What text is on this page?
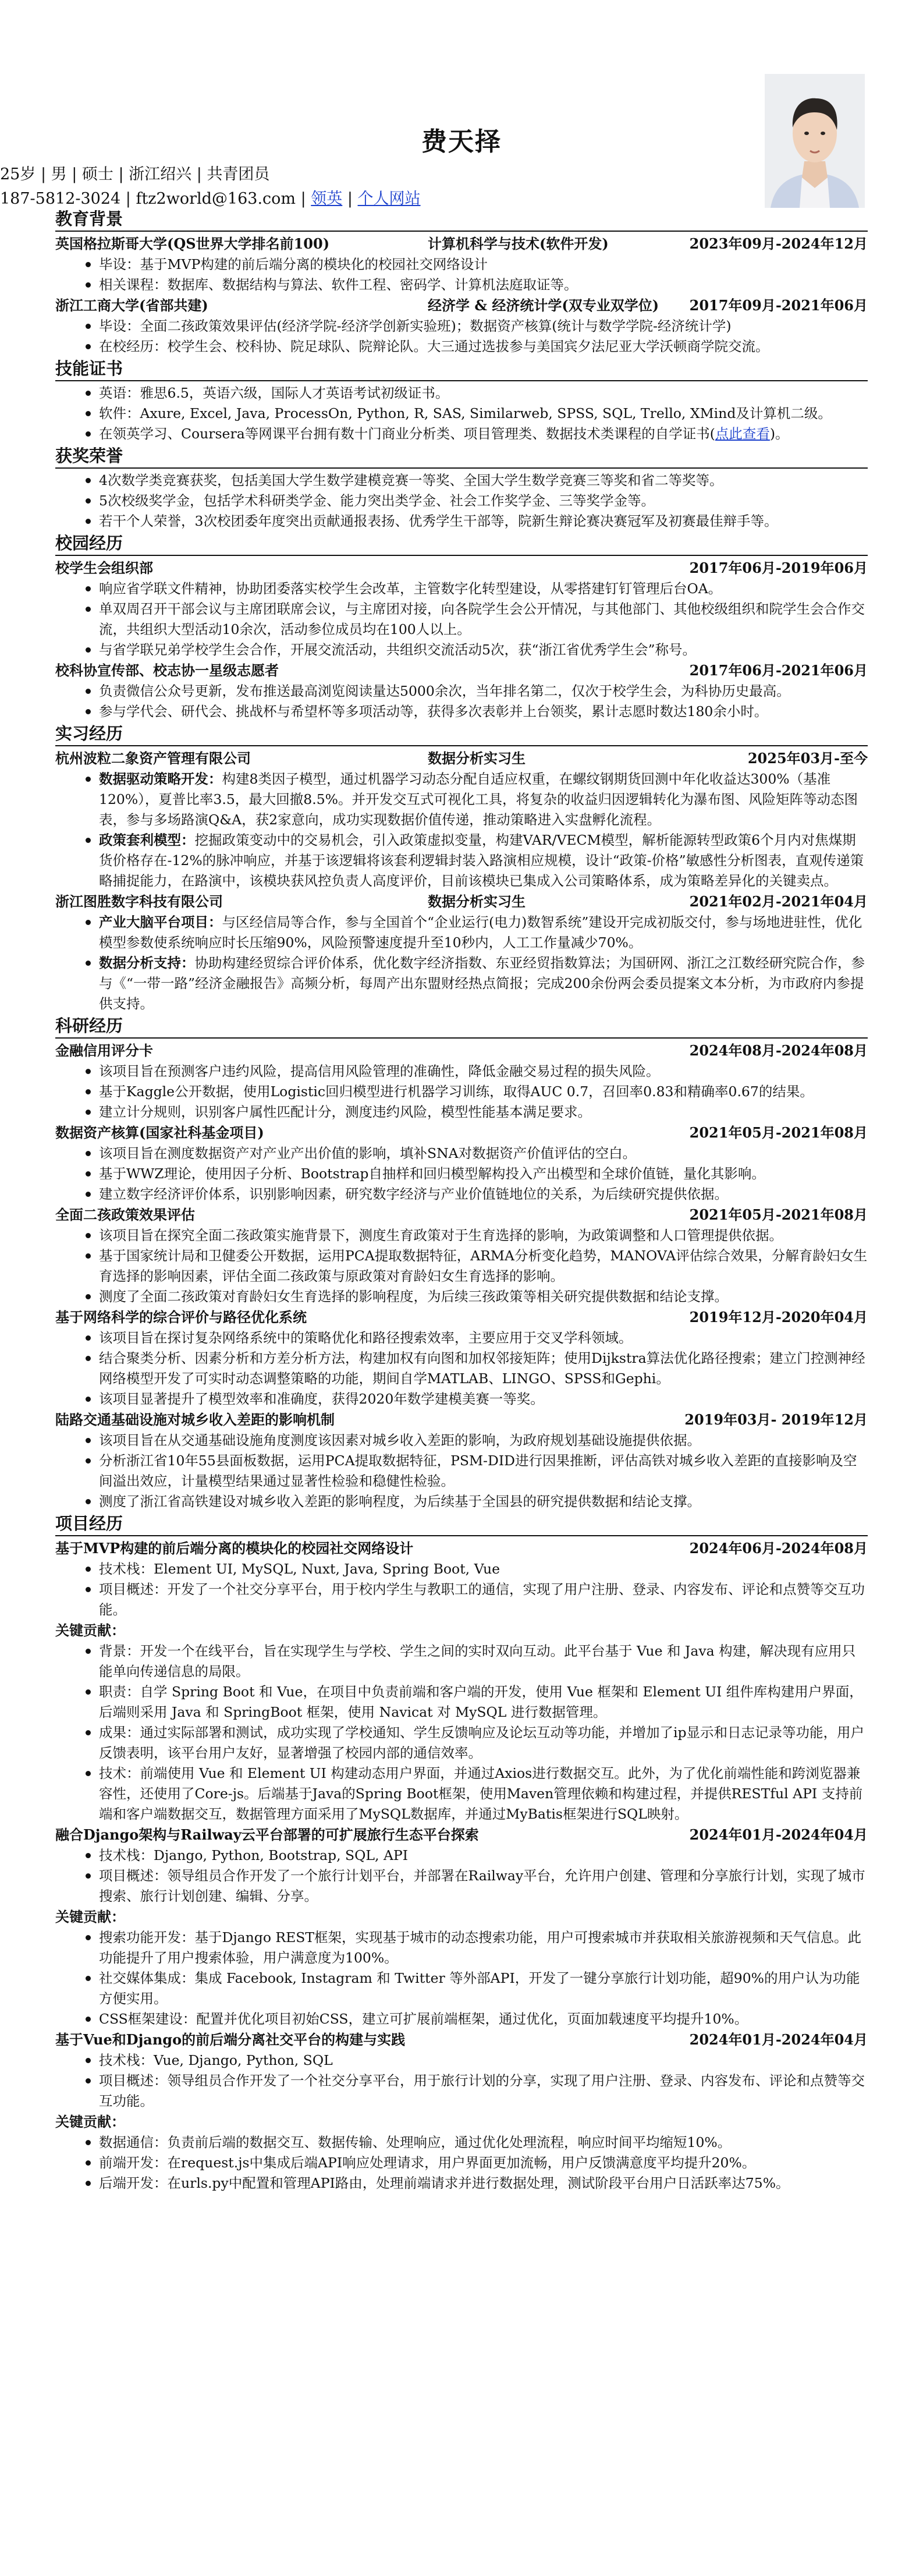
费天择
25岁 | 男 | 硕士 | 浙江绍兴 | 共青团员
187-5812-3024 | ftz2world@163.com | 领英 | 个人网站
教育背景
英国格拉斯哥大学(QS世界大学排名前100)	计算机科学与技术(软件开发)	2023年09月-2024年12月
毕设：基于MVP构建的前后端分离的模块化的校园社交网络设计
相关课程：数据库、数据结构与算法、软件工程、密码学、计算机法庭取证等。
浙江工商大学(省部共建)	经济学 & 经济统计学(双专业双学位) 2017年09月-2021年06月
毕设：全面二孩政策效果评估(经济学院-经济学创新实验班)；数据资产核算(统计与数学学院-经济统计学)
在校经历：校学生会、校科协、院足球队、院辩论队。大三通过选拔参与美国宾夕法尼亚大学沃顿商学院交流。
技能证书
英语：雅思6.5，英语六级，国际人才英语考试初级证书。
软件：Axure, Excel, Java, ProcessOn, Python, R, SAS, Similarweb, SPSS, SQL, Trello, XMind及计算机二级。
在领英学习、Coursera等网课平台拥有数十门商业分析类、项目管理类、数据技术类课程的自学证书(点此查看)。
获奖荣誉
4次数学类竞赛获奖，包括美国大学生数学建模竞赛一等奖、全国大学生数学竞赛三等奖和省二等奖等。
5次校级奖学金，包括学术科研类学金、能力突出类学金、社会工作奖学金、三等奖学金等。
若干个人荣誉，3次校团委年度突出贡献通报表扬、优秀学生干部等，院新生辩论赛决赛冠军及初赛最佳辩手等。
校园经历
校学生会组织部	2017年06月-2019年06月
响应省学联文件精神，协助团委落实校学生会改革，主管数字化转型建设，从零搭建钉钉管理后台OA。
单双周召开干部会议与主席团联席会议，与主席团对接，向各院学生会公开情况，与其他部门、其他校级组织和院学生会合作交流，共组织大型活动10余次，活动参位成员均在100人以上。
与省学联兄弟学校学生会合作，开展交流活动，共组织交流活动5次，获“浙江省优秀学生会”称号。
校科协宣传部、校志协一星级志愿者	2017年06月-2021年06月
负责微信公众号更新，发布推送最高浏览阅读量达5000余次，当年排名第二，仅次于校学生会，为科协历史最高。
参与学代会、研代会、挑战杯与希望杯等多项活动等，获得多次表彰并上台领奖，累计志愿时数达180余小时。
实习经历
杭州波粒二象资产管理有限公司	数据分析实习生	2025年03月-至今
数据驱动策略开发：构建8类因子模型，通过机器学习动态分配自适应权重，在螺纹钢期货回测中年化收益达300%（基准120%），夏普比率3.5，最大回撤8.5%。并开发交互式可视化工具，将复杂的收益归因逻辑转化为瀑布图、风险矩阵等动态图表，参与多场路演Q&A，获2家意向，成功实现数据价值传递，推动策略进入实盘孵化流程。
政策套利模型：挖掘政策变动中的交易机会，引入政策虚拟变量，构建VAR/VECM模型，解析能源转型政策6个月内对焦煤期货价格存在-12%的脉冲响应，并基于该逻辑将该套利逻辑封装入路演相应规模，设计“政策-价格”敏感性分析图表，直观传递策略捕捉能力，在路演中，该模块获风控负责人高度评价，目前该模块已集成入公司策略体系，成为策略差异化的关键卖点。
浙江图胜数字科技有限公司	数据分析实习生	2021年02月-2021年04月
产业大脑平台项目：与区经信局等合作，参与全国首个“企业运行(电力)数智系统”建设开完成初版交付，参与场地进驻性，优化模型参数使系统响应时长压缩90%，风险预警速度提升至10秒内，人工工作量减少70%。
数据分析支持：协助构建经贸综合评价体系，优化数字经济指数、东亚经贸指数算法；为国研网、浙江之江数经研究院合作，参与《“一带一路”经济金融报告》高频分析，每周产出东盟财经热点简报；完成200余份两会委员提案文本分析，为市政府内参提供支持。
科研经历
金融信用评分卡	2024年08月-2024年08月
该项目旨在预测客户违约风险，提高信用风险管理的准确性，降低金融交易过程的损失风险。
基于Kaggle公开数据，使用Logistic回归模型进行机器学习训练，取得AUC 0.7，召回率0.83和精确率0.67的结果。
建立计分规则，识别客户属性匹配计分，测度违约风险，模型性能基本满足要求。
数据资产核算(国家社科基金项目)	2021年05月-2021年08月
该项目旨在测度数据资产对产业产出价值的影响，填补SNA对数据资产价值评估的空白。
基于WWZ理论，使用因子分析、Bootstrap自抽样和回归模型解构投入产出模型和全球价值链，量化其影响。
建立数字经济评价体系，识别影响因素，研究数字经济与产业价值链地位的关系，为后续研究提供依据。
全面二孩政策效果评估	2021年05月-2021年08月
该项目旨在探究全面二孩政策实施背景下，测度生育政策对于生育选择的影响，为政策调整和人口管理提供依据。
基于国家统计局和卫健委公开数据，运用PCA提取数据特征，ARMA分析变化趋势，MANOVA评估综合效果，分解育龄妇女生育选择的影响因素，评估全面二孩政策与原政策对育龄妇女生育选择的影响。
测度了全面二孩政策对育龄妇女生育选择的影响程度，为后续三孩政策等相关研究提供数据和结论支撑。
基于网络科学的综合评价与路径优化系统	2019年12月-2020年04月
该项目旨在探讨复杂网络系统中的策略优化和路径搜索效率，主要应用于交叉学科领域。
结合聚类分析、因素分析和方差分析方法，构建加权有向图和加权邻接矩阵；使用Dijkstra算法优化路径搜索；建立门控测神经网络模型开发了可实时动态调整策略的功能，期间自学MATLAB、LINGO、SPSS和Gephi。
该项目显著提升了模型效率和准确度，获得2020年数学建模美赛一等奖。
陆路交通基础设施对城乡收入差距的影响机制	2019年03月- 2019年12月
该项目旨在从交通基础设施角度测度该因素对城乡收入差距的影响，为政府规划基础设施提供依据。
分析浙江省10年55县面板数据，运用PCA提取数据特征，PSM-DID进行因果推断，评估高铁对城乡收入差距的直接影响及空间溢出效应，计量模型结果通过显著性检验和稳健性检验。
测度了浙江省高铁建设对城乡收入差距的影响程度，为后续基于全国县的研究提供数据和结论支撑。
项目经历
基于MVP构建的前后端分离的模块化的校园社交网络设计	2024年06月-2024年08月
技术栈：Element UI, MySQL, Nuxt, Java, Spring Boot, Vue
项目概述：开发了一个社交分享平台，用于校内学生与教职工的通信，实现了用户注册、登录、内容发布、评论和点赞等交互功能。
关键贡献：
背景：开发一个在线平台，旨在实现学生与学校、学生之间的实时双向互动。此平台基于 Vue 和 Java 构建，解决现有应用只能单向传递信息的局限。
职责：自学 Spring Boot 和 Vue，在项目中负责前端和客户端的开发，使用 Vue 框架和 Element UI 组件库构建用户界面，后端则采用 Java 和 SpringBoot 框架，使用 Navicat 对 MySQL 进行数据管理。
成果：通过实际部署和测试，成功实现了学校通知、学生反馈响应及论坛互动等功能，并增加了ip显示和日志记录等功能，用户反馈表明，该平台用户友好，显著增强了校园内部的通信效率。
技术：前端使用 Vue 和 Element UI 构建动态用户界面，并通过Axios进行数据交互。此外，为了优化前端性能和跨浏览器兼容性，还使用了Core-js。后端基于Java的Spring Boot框架，使用Maven管理依赖和构建过程，并提供RESTful API 支持前端和客户端数据交互，数据管理方面采用了MySQL数据库，并通过MyBatis框架进行SQL映射。
融合Django架构与Railway云平台部署的可扩展旅行生态平台探索	2024年01月-2024年04月
技术栈：Django, Python, Bootstrap, SQL, API
项目概述：领导组员合作开发了一个旅行计划平台，并部署在Railway平台，允许用户创建、管理和分享旅行计划，实现了城市搜索、旅行计划创建、编辑、分享。
关键贡献：
搜索功能开发：基于Django REST框架，实现基于城市的动态搜索功能，用户可搜索城市并获取相关旅游视频和天气信息。此功能提升了用户搜索体验，用户满意度为100%。
社交媒体集成：集成 Facebook, Instagram 和 Twitter 等外部API，开发了一键分享旅行计划功能，超90%的用户认为功能方便实用。
CSS框架建设：配置并优化项目初始CSS，建立可扩展前端框架，通过优化，页面加载速度平均提升10%。
基于Vue和Django的前后端分离社交平台的构建与实践	2024年01月-2024年04月
技术栈：Vue, Django, Python, SQL
项目概述：领导组员合作开发了一个社交分享平台，用于旅行计划的分享，实现了用户注册、登录、内容发布、评论和点赞等交互功能。
关键贡献：
数据通信：负责前后端的数据交互、数据传输、处理响应，通过优化处理流程，响应时间平均缩短10%。
前端开发：在request.js中集成后端API响应处理请求，用户界面更加流畅，用户反馈满意度平均提升20%。
后端开发：在urls.py中配置和管理API路由，处理前端请求并进行数据处理，测试阶段平台用户日活跃率达75%。
